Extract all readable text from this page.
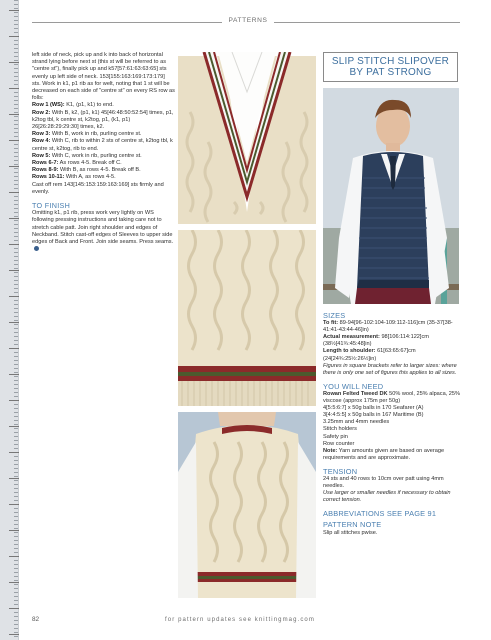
PATTERNS

left side of neck, pick up and k into back of horizontal strand lying before next st (this st will be referred to as "centre st"), finally pick up and k57[57:61:63:63:65] sts evenly up left side of neck. 153[155:163:169:173:179] sts. Work in k1, p1 rib as for welt, noting that 1 st will be decreased on each side of "centre st" on every RS row as folls:

Row 1 (WS): K1, (p1, k1) to end.

Row 2: With B, k2, (p1, k1) 45[46:48:50:52:54] times, p1, k2tog tbl, k centre st, k2tog, p1, (k1, p1) 26[26:28:29:29:30] times, k2.

Row 3: With B, work in rib, purling centre st.

Row 4: With C, rib to within 2 sts of centre st, k2tog tbl, k centre st, k2tog, rib to end.

Row 5: With C, work in rib, purling centre st.

Rows 6-7: As rows 4-5. Break off C.

Rows 8-9: With B, as rows 4-5. Break off B.

Rows 10-11: With A, as rows 4-5.

Cast off rem 143[145:153:159:163:169] sts firmly and evenly.

TO FINISH

Omitting k1, p1 rib, press work very lightly on WS following pressing instructions and taking care not to stretch cable patt. Join right shoulder and edges of Neckband. Stitch cast-off edges of Sleeves to upper side edges of Back and Front. Join side seams. Press seams.

SLIP STITCH SLIPOVER
BY PAT STRONG
SIZES

To fit: 89-94[96-102:104-109:112-116]cm (35-37[38-41:41-43:44-46]in)

Actual measurement: 98[106:114:122]cm (38½[41¾:45:48]in)

Length to shoulder: 61[63:65:67]cm (24[24¾:25½:26½]in)

Figures in square brackets refer to larger sizes: where there is only one set of figures this applies to all sizes.

YOU WILL NEED

Rowan Felted Tweed DK 50% wool, 25% alpaca, 25% viscose (approx 175m per 50g)

4[5:5:6:7] x 50g balls in 170 Seafarer (A)

3[4:4:5:5] x 50g balls in 167 Maritime (B)

3.25mm and 4mm needles

Stitch holders

Safety pin

Row counter

Note: Yarn amounts given are based on average requirements and are approximate.

TENSION

24 sts and 40 rows to 10cm over patt using 4mm needles.

Use larger or smaller needles if necessary to obtain correct tension.

ABBREVIATIONS SEE PAGE 91
PATTERN NOTE

Slip all stitches pwise.

82	for pattern updates see knittingmag.com
